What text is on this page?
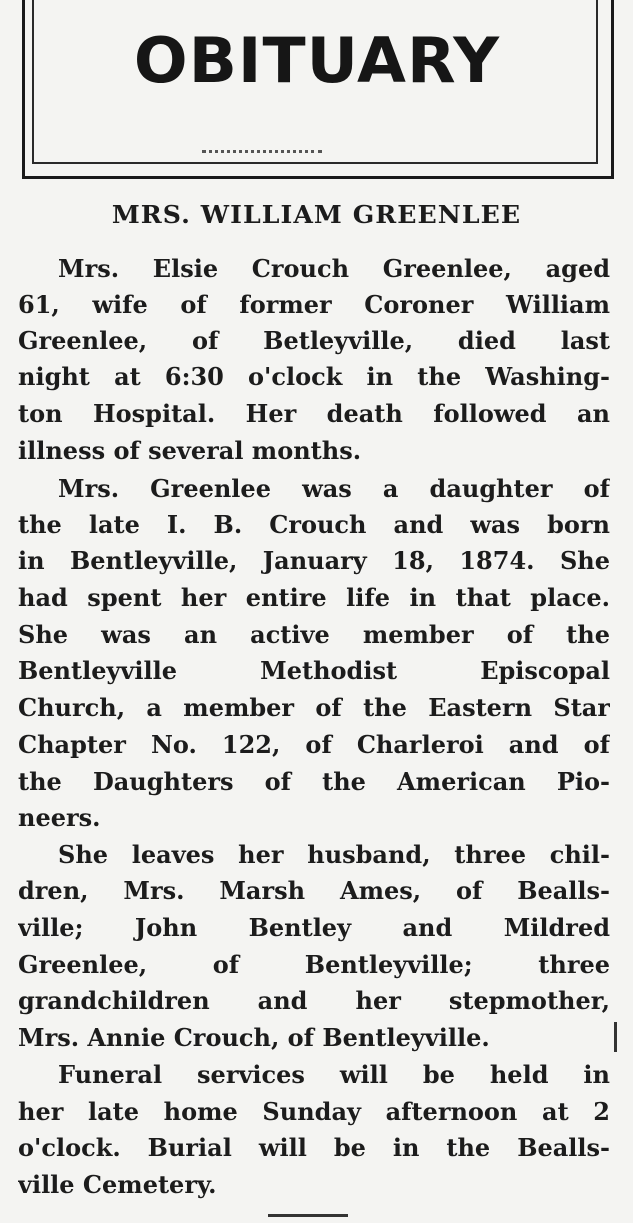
OBITUARY
MRS. WILLIAM GREENLEE
Mrs. Elsie Crouch Greenlee, aged
61, wife of former Coroner William
Greenlee, of Betleyville, died last
night at 6:30 o'clock in the Washing-
ton Hospital. Her death followed an
illness of several months.
Mrs. Greenlee was a daughter of
the late I. B. Crouch and was born
in Bentleyville, January 18, 1874. She
had spent her entire life in that place.
She was an active member of the
Bentleyville Methodist Episcopal
Church, a member of the Eastern Star
Chapter No. 122, of Charleroi and of
the Daughters of the American Pio-
neers.
She leaves her husband, three chil-
dren, Mrs. Marsh Ames, of Bealls-
ville; John Bentley and Mildred
Greenlee, of Bentleyville; three
grandchildren and her stepmother,
Mrs. Annie Crouch, of Bentleyville.
Funeral services will be held in
her late home Sunday afternoon at 2
o'clock. Burial will be in the Bealls-
ville Cemetery.
